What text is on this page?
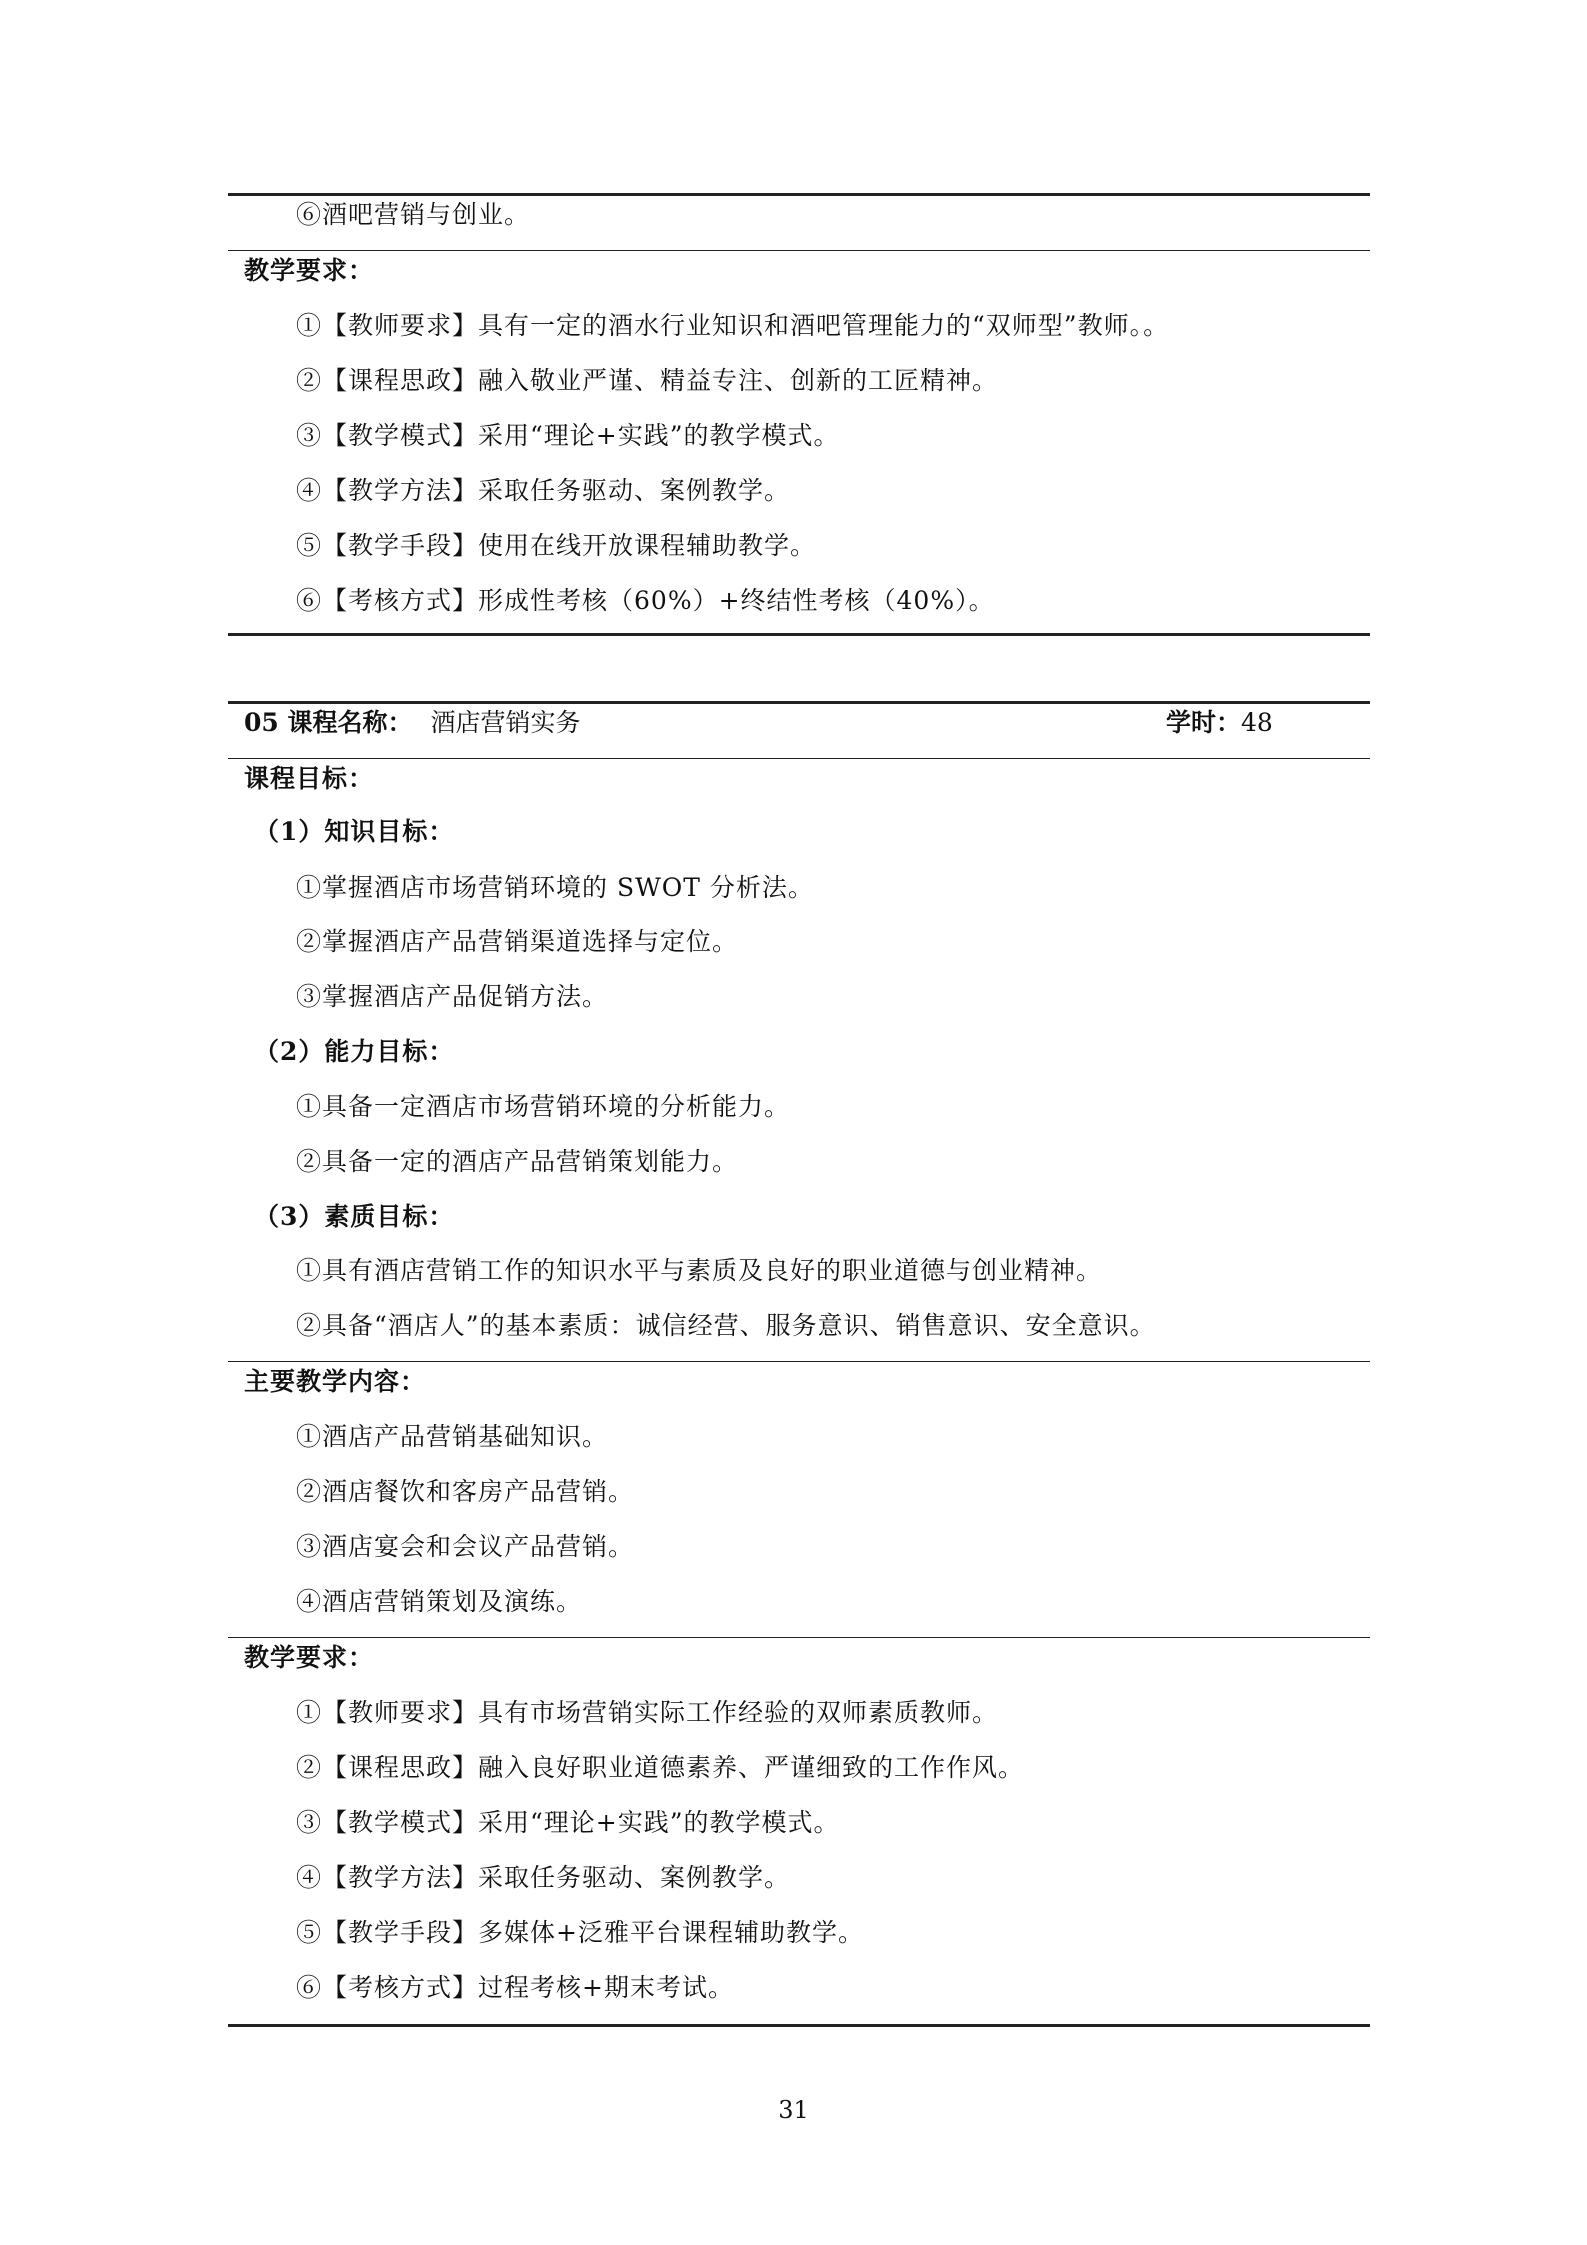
⑥酒吧营销与创业。
教学要求：
①【教师要求】具有一定的酒水行业知识和酒吧管理能力的“双师型”教师。。
②【课程思政】融入敬业严谨、精益专注、创新的工匠精神。
③【教学模式】采用“理论+实践”的教学模式。
④【教学方法】采取任务驱动、案例教学。
⑤【教学手段】使用在线开放课程辅助教学。
⑥【考核方式】形成性考核（60%）+终结性考核（40%）。
05 课程名称： 酒店营销实务	学时：48
课程目标：
（1）知识目标：
①掌握酒店市场营销环境的 SWOT 分析法。
②掌握酒店产品营销渠道选择与定位。
③掌握酒店产品促销方法。
（2）能力目标：
①具备一定酒店市场营销环境的分析能力。
②具备一定的酒店产品营销策划能力。
（3）素质目标：
①具有酒店营销工作的知识水平与素质及良好的职业道德与创业精神。
②具备“酒店人”的基本素质：诚信经营、服务意识、销售意识、安全意识。
主要教学内容：
①酒店产品营销基础知识。
②酒店餐饮和客房产品营销。
③酒店宴会和会议产品营销。
④酒店营销策划及演练。
教学要求：
①【教师要求】具有市场营销实际工作经验的双师素质教师。
②【课程思政】融入良好职业道德素养、严谨细致的工作作风。
③【教学模式】采用“理论+实践”的教学模式。
④【教学方法】采取任务驱动、案例教学。
⑤【教学手段】多媒体+泛雅平台课程辅助教学。
⑥【考核方式】过程考核+期末考试。
31
